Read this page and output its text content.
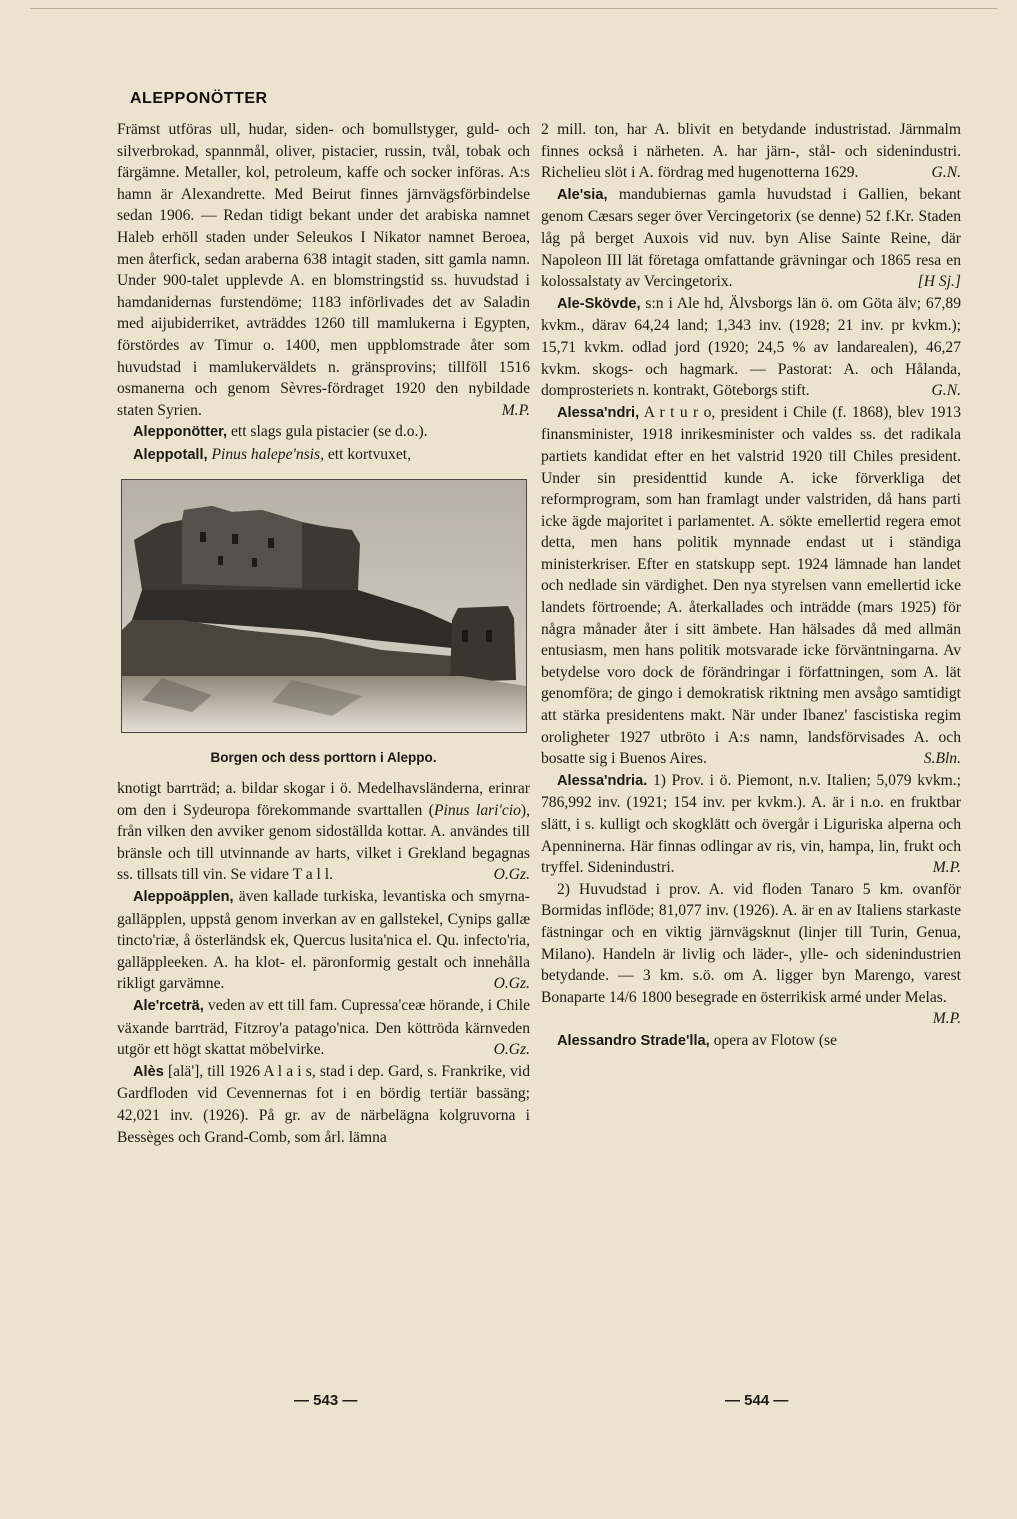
ALEPPONÖTTER

Främst utföras ull, hudar, siden- och bomullstyger, guld- och silverbrokad, spannmål, oliver, pistacier, russin, tvål, tobak och färgämne. Metaller, kol, petroleum, kaffe och socker införas. A:s hamn är Alexandrette. Med Beirut finnes järnvägsförbindelse sedan 1906. — Redan tidigt bekant under det arabiska namnet Haleb erhöll staden under Seleukos I Nikator namnet Beroea, men återfick, sedan araberna 638 intagit staden, sitt gamla namn. Under 900-talet upplevde A. en blomstringstid ss. huvudstad i hamdanidernas furstendöme; 1183 införlivades det av Saladin med aijubiderriket, avträddes 1260 till mamlukerna i Egypten, förstördes av Timur o. 1400, men uppblomstrade åter som huvudstad i mamlukerväldets n. gränsprovins; tillföll 1516 osmanerna och genom Sèvres-fördraget 1920 den nybildade staten Syrien.	M.P.

Alepponötter, ett slags gula pistacier (se d.o.).

Aleppotall, Pinus halepe'nsis, ett kortvuxet,

Borgen och dess porttorn i Aleppo.

knotigt barrträd; a. bildar skogar i ö. Medelhavsländerna, erinrar om den i Sydeuropa förekommande svarttallen (Pinus lari'cio), från vilken den avviker genom sidoställda kottar. A. användes till bränsle och till utvinnande av harts, vilket i Grekland begagnas ss. tillsats till vin. Se vidare T a l l.	O.Gz.

Aleppoäpplen, även kallade turkiska, levantiska och smyrna-galläpplen, uppstå genom inverkan av en gallstekel, Cynips gallæ tincto'riæ, å österländsk ek, Quercus lusita'nica el. Qu. infecto'ria, galläppleeken. A. ha klot- el. päronformig gestalt och innehålla rikligt garvämne.	O.Gz.

Ale'rceträ, veden av ett till fam. Cupressa'ceæ hörande, i Chile växande barrträd, Fitzroy'a patago'nica. Den köttröda kärnveden utgör ett högt skattat möbelvirke.	O.Gz.

Alès [alä'], till 1926 A l a i s, stad i dep. Gard, s. Frankrike, vid Gardfloden vid Cevennernas fot i en bördig tertiär bassäng; 42,021 inv. (1926). På gr. av de närbelägna kolgruvorna i Bessèges och Grand-Comb, som årl. lämna

2 mill. ton, har A. blivit en betydande industristad. Järnmalm finnes också i närheten. A. har järn-, stål- och sidenindustri. Richelieu slöt i A. fördrag med hugenotterna 1629.	G.N.

Ale'sia, mandubiernas gamla huvudstad i Gallien, bekant genom Cæsars seger över Vercingetorix (se denne) 52 f.Kr. Staden låg på berget Auxois vid nuv. byn Alise Sainte Reine, där Napoleon III lät företaga omfattande grävningar och 1865 resa en kolossalstaty av Vercingetorix.	[H Sj.]

Ale-Skövde, s:n i Ale hd, Älvsborgs län ö. om Göta älv; 67,89 kvkm., därav 64,24 land; 1,343 inv. (1928; 21 inv. pr kvkm.); 15,71 kvkm. odlad jord (1920; 24,5 % av landarealen), 46,27 kvkm. skogs- och hagmark. — Pastorat: A. och Hålanda, domprosteriets n. kontrakt, Göteborgs stift.	G.N.

Alessa'ndri, A r t u r o, president i Chile (f. 1868), blev 1913 finansminister, 1918 inrikesminister och valdes ss. det radikala partiets kandidat efter en het valstrid 1920 till Chiles president. Under sin presidenttid kunde A. icke förverkliga det reformprogram, som han framlagt under valstriden, då hans parti icke ägde majoritet i parlamentet. A. sökte emellertid regera emot detta, men hans politik mynnade endast ut i ständiga ministerkriser. Efter en statskupp sept. 1924 lämnade han landet och nedlade sin värdighet. Den nya styrelsen vann emellertid icke landets förtroende; A. återkallades och inträdde (mars 1925) för några månader åter i sitt ämbete. Han hälsades då med allmän entusiasm, men hans politik motsvarade icke förväntningarna. Av betydelse voro dock de förändringar i författningen, som A. lät genomföra; de gingo i demokratisk riktning men avsågo samtidigt att stärka presidentens makt. När under Ibanez' fascistiska regim oroligheter 1927 utbröto i A:s namn, landsförvisades A. och bosatte sig i Buenos Aires.	S.Bln.

Alessa'ndria. 1) Prov. i ö. Piemont, n.v. Italien; 5,079 kvkm.; 786,992 inv. (1921; 154 inv. per kvkm.). A. är i n.o. en fruktbar slätt, i s. kulligt och skogklätt och övergår i Liguriska alperna och Apenninerna. Här finnas odlingar av ris, vin, hampa, lin, frukt och tryffel. Sidenindustri.	M.P.

2) Huvudstad i prov. A. vid floden Tanaro 5 km. ovanför Bormidas inflöde; 81,077 inv. (1926). A. är en av Italiens starkaste fästningar och en viktig järnvägsknut (linjer till Turin, Genua, Milano). Handeln är livlig och läder-, ylle- och sidenindustrien betydande. — 3 km. s.ö. om A. ligger byn Marengo, varest Bonaparte 14/6 1800 besegrade en österrikisk armé under Melas.
M.P.

Alessandro Strade'lla, opera av Flotow (se

— 543 —	— 544 —
